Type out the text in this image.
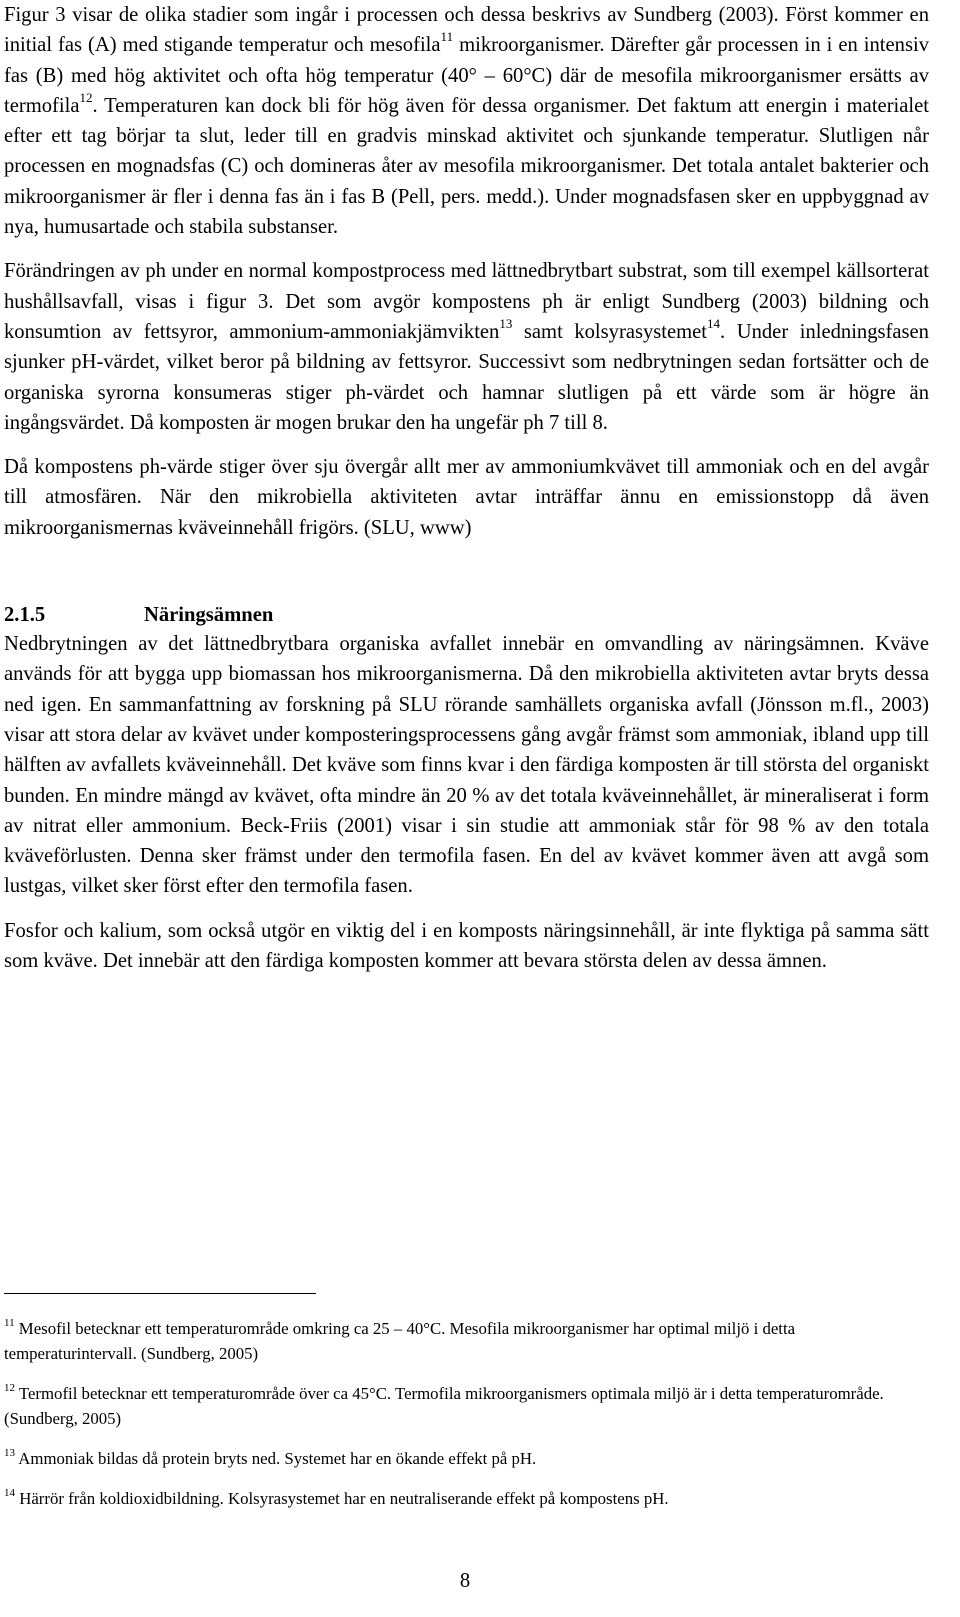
Figur 3 visar de olika stadier som ingår i processen och dessa beskrivs av Sundberg (2003). Först kommer en initial fas (A) med stigande temperatur och mesofila$^{11}$ mikroorganismer. Därefter går processen in i en intensiv fas (B) med hög aktivitet och ofta hög temperatur (40° – 60°C) där de mesofila mikroorganismer ersätts av termofila$^{12}$. Temperaturen kan dock bli för hög även för dessa organismer. Det faktum att energin i materialet efter ett tag börjar ta slut, leder till en gradvis minskad aktivitet och sjunkande temperatur. Slutligen når processen en mognadsfas (C) och domineras åter av mesofila mikroorganismer. Det totala antalet bakterier och mikroorganismer är fler i denna fas än i fas B (Pell, pers. medd.). Under mognadsfasen sker en uppbyggnad av nya, humusartade och stabila substanser.

Förändringen av ph under en normal kompostprocess med lättnedbrytbart substrat, som till exempel källsorterat hushållsavfall, visas i figur 3. Det som avgör kompostens ph är enligt Sundberg (2003) bildning och konsumtion av fettsyror, ammonium-ammoniakjämvikten$^{13}$ samt kolsyrasystemet$^{14}$. Under inledningsfasen sjunker pH-värdet, vilket beror på bildning av fettsyror. Successivt som nedbrytningen sedan fortsätter och de organiska syrorna konsumeras stiger ph-värdet och hamnar slutligen på ett värde som är högre än ingångsvärdet. Då komposten är mogen brukar den ha ungefär ph 7 till 8.

Då kompostens ph-värde stiger över sju övergår allt mer av ammoniumkvävet till ammoniak och en del avgår till atmosfären. När den mikrobiella aktiviteten avtar inträffar ännu en emissionstopp då även mikroorganismernas kväveinnehåll frigörs. (SLU, www)

2.1.5	Näringsämnen

Nedbrytningen av det lättnedbrytbara organiska avfallet innebär en omvandling av näringsämnen. Kväve används för att bygga upp biomassan hos mikroorganismerna. Då den mikrobiella aktiviteten avtar bryts dessa ned igen. En sammanfattning av forskning på SLU rörande samhällets organiska avfall (Jönsson m.fl., 2003) visar att stora delar av kvävet under komposteringsprocessens gång avgår främst som ammoniak, ibland upp till hälften av avfallets kväveinnehåll. Det kväve som finns kvar i den färdiga komposten är till största del organiskt bunden. En mindre mängd av kvävet, ofta mindre än 20 % av det totala kväveinnehållet, är mineraliserat i form av nitrat eller ammonium. Beck-Friis (2001) visar i sin studie att ammoniak står för 98 % av den totala kväveförlusten. Denna sker främst under den termofila fasen. En del av kvävet kommer även att avgå som lustgas, vilket sker först efter den termofila fasen.

Fosfor och kalium, som också utgör en viktig del i en komposts näringsinnehåll, är inte flyktiga på samma sätt som kväve. Det innebär att den färdiga komposten kommer att bevara största delen av dessa ämnen.

$^{11}$ Mesofil betecknar ett temperaturområde omkring ca 25 – 40°C. Mesofila mikroorganismer har optimal miljö i detta temperaturintervall. (Sundberg, 2005)

$^{12}$ Termofil betecknar ett temperaturområde över ca 45°C. Termofila mikroorganismers optimala miljö är i detta temperaturområde. (Sundberg, 2005)

$^{13}$ Ammoniak bildas då protein bryts ned. Systemet har en ökande effekt på pH.

$^{14}$ Härrör från koldioxidbildning. Kolsyrasystemet har en neutraliserande effekt på kompostens pH.

8
